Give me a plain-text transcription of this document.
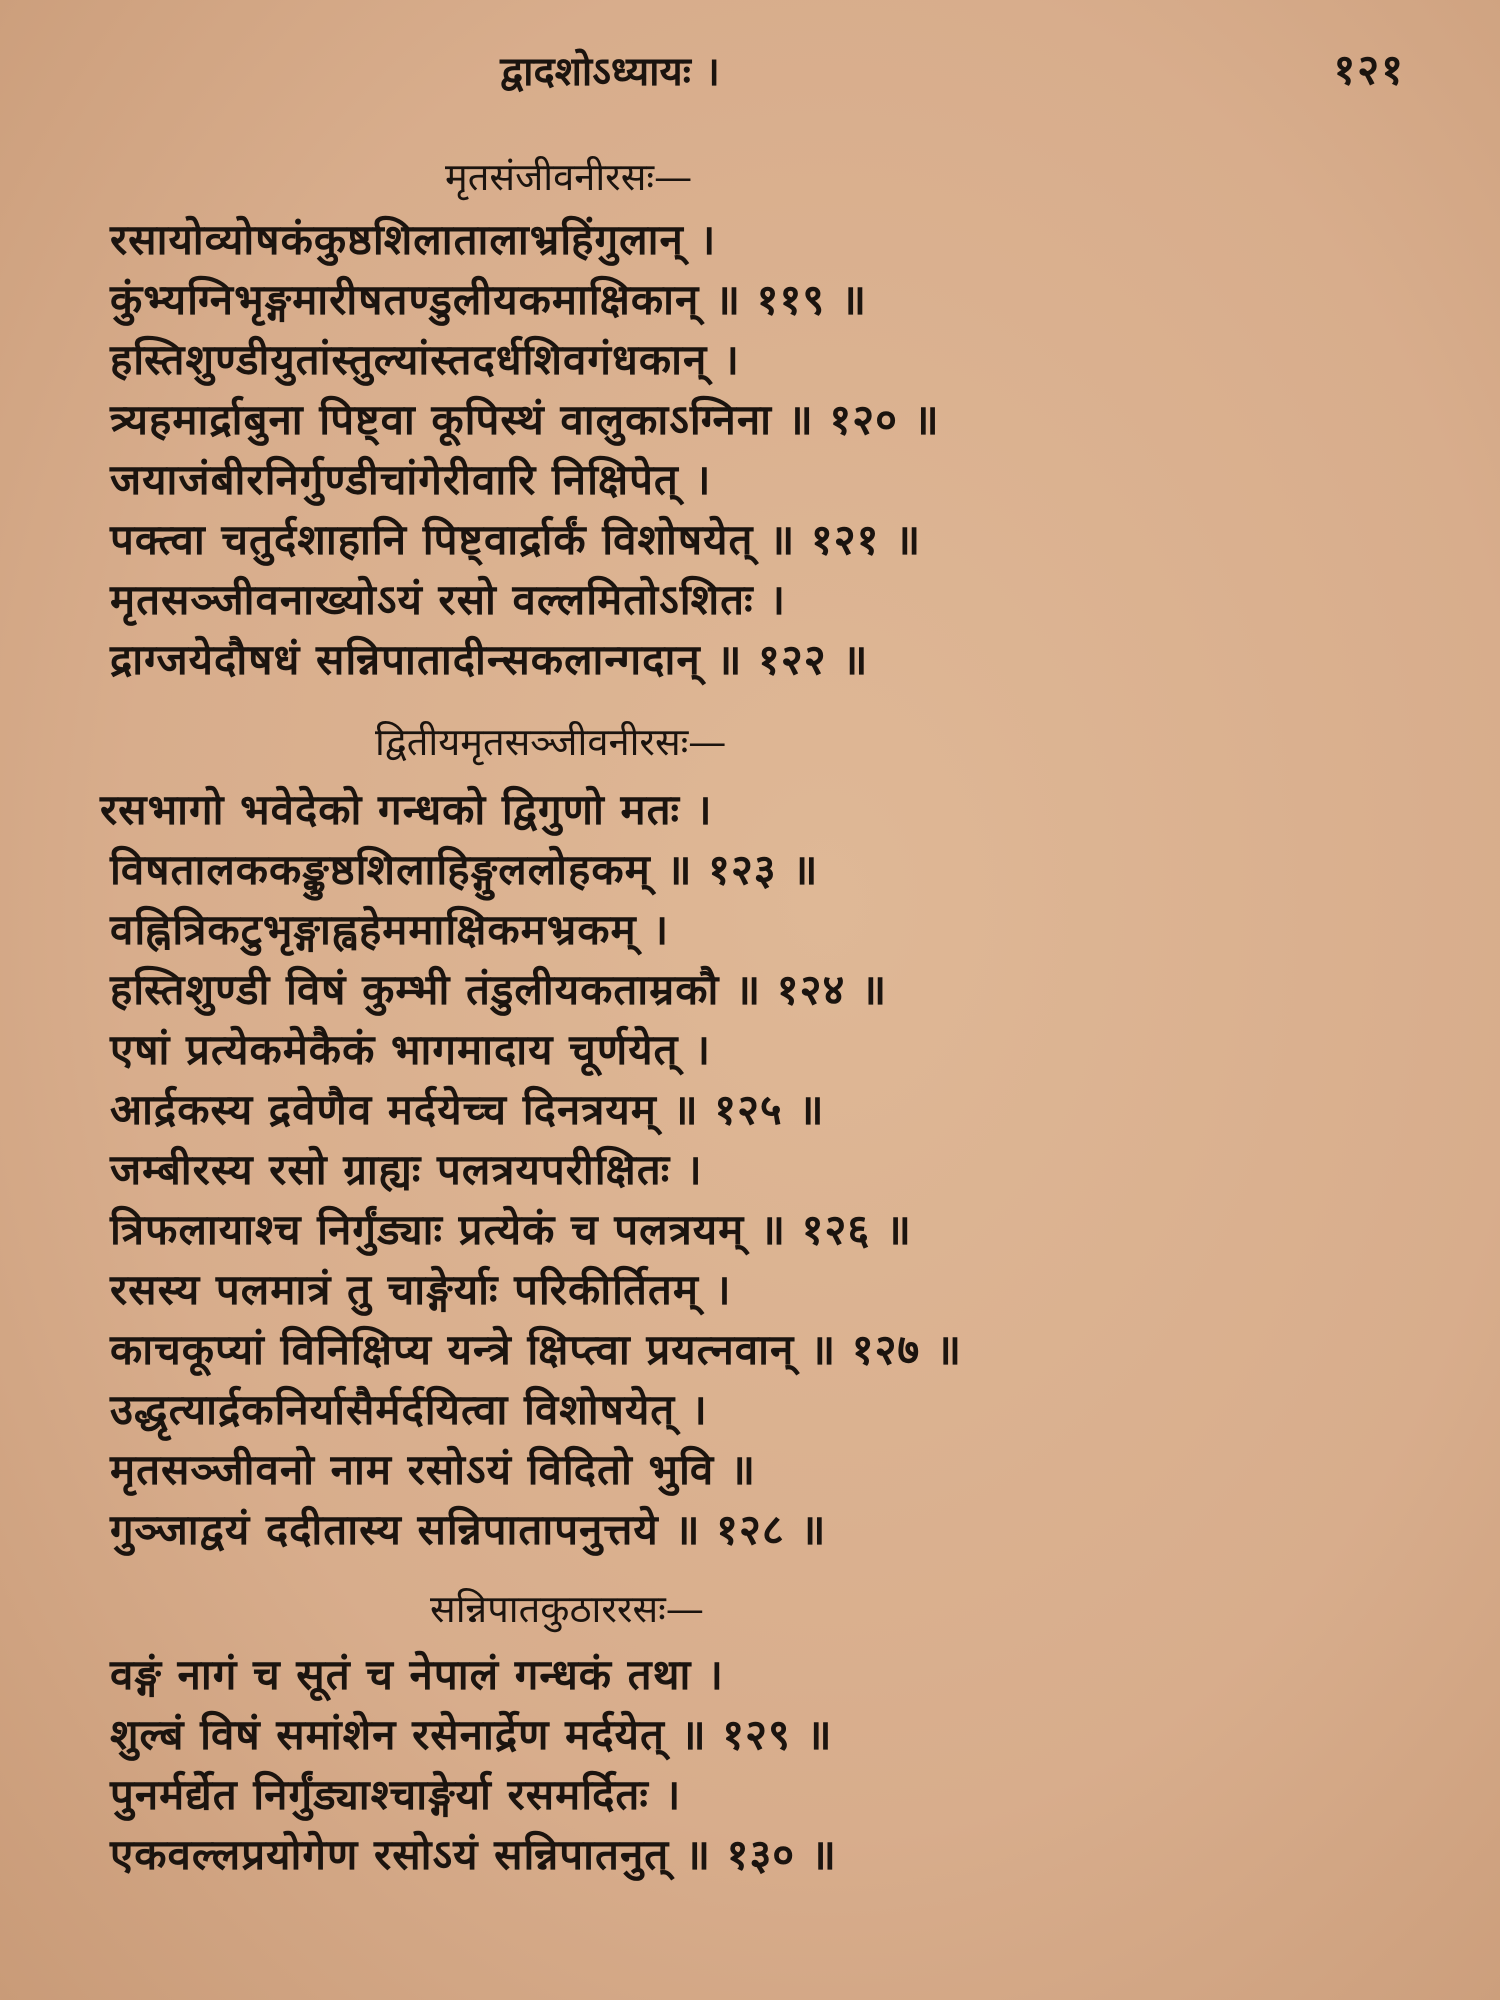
द्वादशोऽध्यायः ।	१२१
मृतसंजीवनीरसः—
रसायोव्योषकंकुष्ठशिलातालाभ्रहिंगुलान् ।
कुंभ्यग्निभृङ्गमारीषतण्डुलीयकमाक्षिकान् ॥ ११९ ॥
हस्तिशुण्डीयुतांस्तुल्यांस्तदर्धशिवगंधकान् ।
त्र्यहमार्द्राबुना पिष्ट्वा कूपिस्थं वालुकाऽग्निना ॥ १२० ॥
जयाजंबीरनिर्गुण्डीचांगेरीवारि निक्षिपेत् ।
पक्त्वा चतुर्दशाहानि पिष्ट्वार्द्रार्कं विशोषयेत् ॥ १२१ ॥
मृतसञ्जीवनाख्योऽयं रसो वल्लमितोऽशितः ।
द्राग्जयेदौषधं सन्निपातादीन्सकलान्गदान् ॥ १२२ ॥
द्वितीयमृतसञ्जीवनीरसः—
रसभागो भवेदेको गन्धको द्विगुणो मतः ।
विषतालककङ्कुष्ठशिलाहिङ्गुललोहकम् ॥ १२३ ॥
वह्नित्रिकटुभृङ्गाह्वहेममाक्षिकमभ्रकम् ।
हस्तिशुण्डी विषं कुम्भी तंडुलीयकताम्रकौ ॥ १२४ ॥
एषां प्रत्येकमेकैकं भागमादाय चूर्णयेत् ।
आर्द्रकस्य द्रवेणैव मर्दयेच्च दिनत्रयम् ॥ १२५ ॥
जम्बीरस्य रसो ग्राह्यः पलत्रयपरीक्षितः ।
त्रिफलायाश्च निर्गुंड्याः प्रत्येकं च पलत्रयम् ॥ १२६ ॥
रसस्य पलमात्रं तु चाङ्गेर्याः परिकीर्तितम् ।
काचकूप्यां विनिक्षिप्य यन्त्रे क्षिप्त्वा प्रयत्नवान् ॥ १२७ ॥
उद्धृत्यार्द्रकनिर्यासैर्मर्दयित्वा विशोषयेत् ।
मृतसञ्जीवनो नाम रसोऽयं विदितो भुवि ॥
गुञ्जाद्वयं ददीतास्य सन्निपातापनुत्तये ॥ १२८ ॥
सन्निपातकुठाररसः—
वङ्गं नागं च सूतं च नेपालं गन्धकं तथा ।
शुल्बं विषं समांशेन रसेनार्द्रेण मर्दयेत् ॥ १२९ ॥
पुनर्मर्द्येत निर्गुंड्याश्चाङ्गेर्या रसमर्दितः ।
एकवल्लप्रयोगेण रसोऽयं सन्निपातनुत् ॥ १३० ॥
